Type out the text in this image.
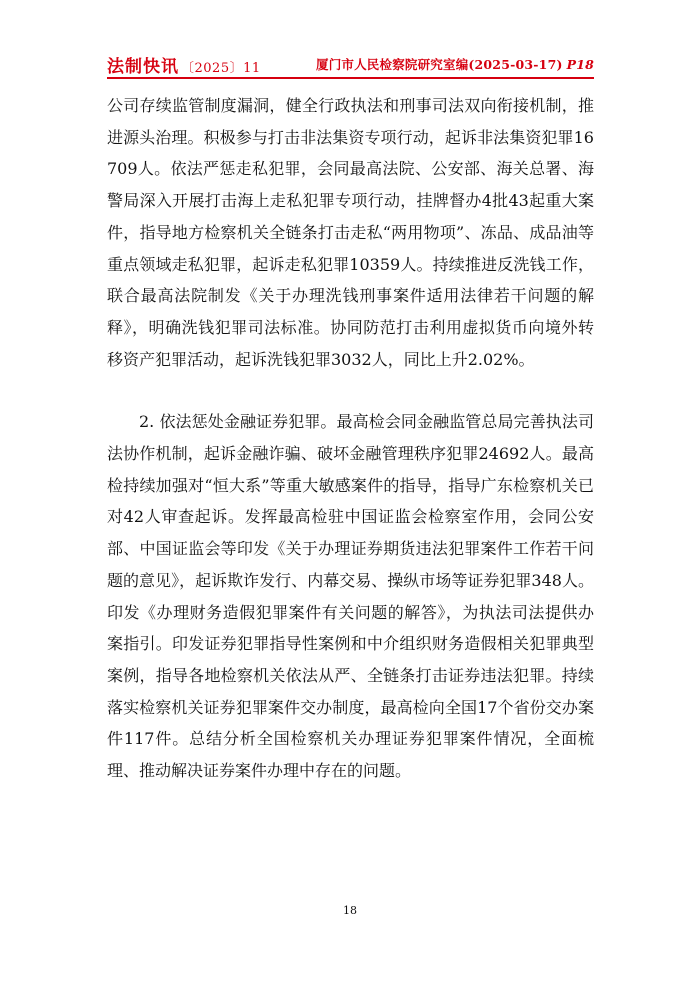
法制快讯 〔2025〕11	厦门市人民检察院研究室编(2025-03-17) P18

公司存续监管制度漏洞，健全行政执法和刑事司法双向衔接机制，推进源头治理。积极参与打击非法集资专项行动，起诉非法集资犯罪16709人。依法严惩走私犯罪，会同最高法院、公安部、海关总署、海警局深入开展打击海上走私犯罪专项行动，挂牌督办4批43起重大案件，指导地方检察机关全链条打击走私“两用物项”、冻品、成品油等重点领域走私犯罪，起诉走私犯罪10359人。持续推进反洗钱工作，联合最高法院制发《关于办理洗钱刑事案件适用法律若干问题的解释》，明确洗钱犯罪司法标准。协同防范打击利用虚拟货币向境外转移资产犯罪活动，起诉洗钱犯罪3032人，同比上升2.02%。

2. 依法惩处金融证券犯罪。最高检会同金融监管总局完善执法司法协作机制，起诉金融诈骗、破坏金融管理秩序犯罪24692人。最高检持续加强对“恒大系”等重大敏感案件的指导，指导广东检察机关已对42人审查起诉。发挥最高检驻中国证监会检察室作用，会同公安部、中国证监会等印发《关于办理证券期货违法犯罪案件工作若干问题的意见》，起诉欺诈发行、内幕交易、操纵市场等证券犯罪348人。印发《办理财务造假犯罪案件有关问题的解答》，为执法司法提供办案指引。印发证券犯罪指导性案例和中介组织财务造假相关犯罪典型案例，指导各地检察机关依法从严、全链条打击证券违法犯罪。持续落实检察机关证券犯罪案件交办制度，最高检向全国17个省份交办案件117件。总结分析全国检察机关办理证券犯罪案件情况，全面梳理、推动解决证券案件办理中存在的问题。

18
